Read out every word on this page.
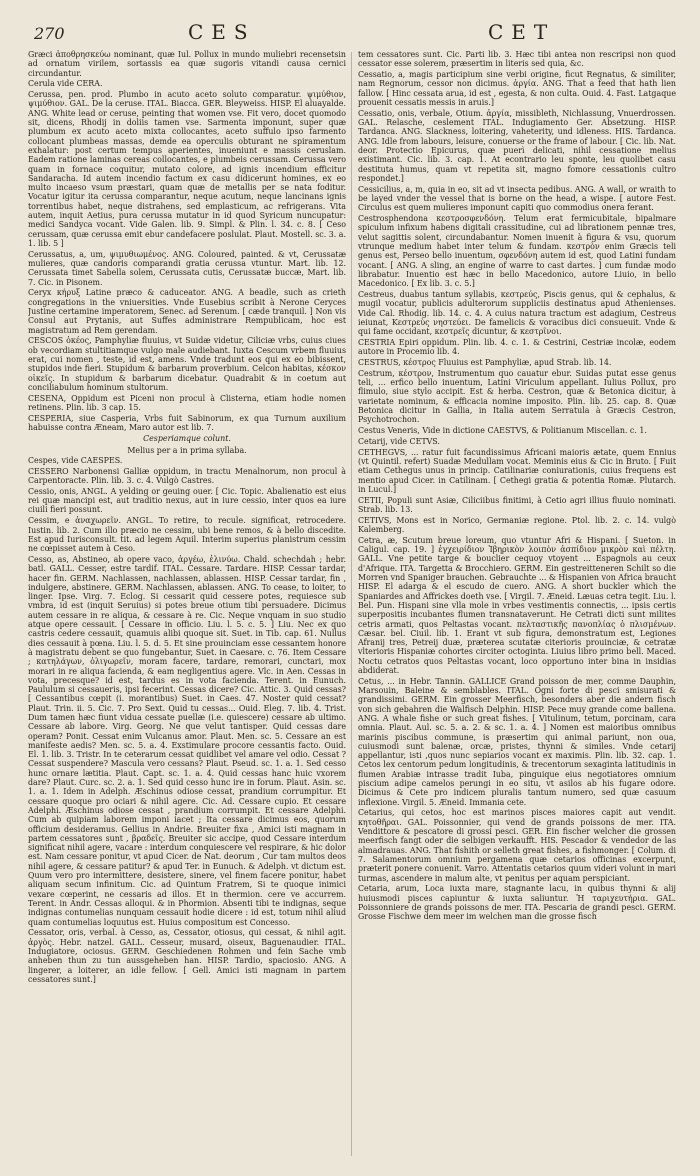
270	CES	CET

Græci ἀποθρησκεύω nominant, quæ Iul. Pollux in mundo muliebri recensetsin ad ornatum virilem, sortassis ea quæ sugoris vitandi causa cernici circundantur.

Cerula vide CERA.

Cerussa, pen. prod. Plumbo in acuto aceto soluto comparatur. ψιμύθιον, ψιμύθιον. GAL. De la ceruse. ITAL. Biacca. GER. Bleyweiss. HISP. El aluayalde. ANG. White lead or ceruse, peinting that women vse. Fit vero, docet quomodo sit, dicens, Rhodij in doliis tamen vse. Sarmenta imponunt, super quæ plumbum ex acuto aceto mixta collocantes, aceto suffulo ipso farmento collocant plumbeas massas, demde ea operculis obturant ne spiramentum exhalatur: post certum tempus aperientes, inueniunt e massis ceruslam. Eadem ratione laminas cereas collocantes, e plumbeis cerussam. Cerussa vero quam in fornace coquitur, mutato colore, ad ignis incendium efficitur Sandaracha. Id autem incendio factum ex casu didicerunt homines, ex eo multo incaeso vsum præstari, quam quæ de metallis per se nata foditur. Vocatur igitur ita cerussa comparantur, neque acutum, neque lancinans ignis torrentibus habet, neque distrahens, sed emplasticum, ac refrigerans. Vita autem, inquit Aetius, pura cerussa mutatur in id quod Syricum nuncupatur: medici Sandyca vocant. Vide Galen. lib. 9. Simpl. & Plin. l. 34. c. 8. [ Ceso cerussam, quæ cerussa emit ebur candefacere poslulat. Plaut. Mostell. sc. 3. a. 1. lib. 5 ]

Cerussatus, a, um, ψιμυθιωμένος. ANG. Coloured, painted. & vt, Cerussatæ mulieres, quæ candoris comparandi gratia cerussa vtuntur. Mart. lib. 12. Cerussata timet Sabella solem, Cerussata cutis, Cerussatæ buccæ, Mart. lib. 7. Cic. in Pisonem.

Ceryx κήρυξ Latine præco & caduceator. ANG. A beadle, such as crieth congregations in the vniuersities. Vnde Eusebius scribit à Nerone Ceryces Justine certamine imperatorem, Senec. ad Serenum. [ cæde tranquil. ] Non vis Consul aut Prytanis, aut Suffes administrare Rempublicam, hoc est magistratum ad Rem gerendam.

CESCOS ὀκέος, Pamphyliæ fluuius, vt Suidæ videtur, Ciliciæ vrbs, cuius ciues ob vecordiam stultitiamque vulgo male audiebant. Iuxta Cescum vrbem fluuius erat, cui nomen , teste, id est, amens. Vnde tradunt eos qui ex eo bibissent, stupidos inde fieri. Stupidum & barbarum proverbium. Celcon habitas, κέσκον οἰκεῖς. In stupidum & barbarum dicebatur. Quadrabit & in coetum aut conciliabulum hominum stultorum.

CESENA, Oppidum est Piceni non procul à Clisterna, etiam hodie nomen retinens. Plin. lib. 3 cap. 15.

CESPERIA, siue Casperia, Vrbs fuit Sabinorum, ex qua Turnum auxilium habuisse contra Æneam, Maro autor est lib. 7.

Cesperiamque colunt.

Melius per a in prima syllaba.

Cespes, vide CAESPES.

CESSERO Narbonensi Galliæ oppidum, in tractu Menalnorum, non procul à Carpentoracte. Plin. lib. 3. c. 4. Vulgò Castres.

Cessio, onis, ANGL. A yelding or geuing ouer. [ Cic. Topic. Abalienatio est eius rei quæ mancipi est, aut traditio nexus, aut in iure cessio, inter quos ea iure ciuili fieri possunt.

Cessim, e ἀναχωρεῖν. ANGL. To retire, to recule. significat, retrocedere. Iustin. lib. 2. Cum illo præcio ne cessim, ubi bene remos, & à bello discedite. Est apud Iurisconsult. tit. ad legem Aquil. Interim superius planistrum cessim ne cœpisset autem à Ceso.

Cesso, as, Abstineo, ab opere vaco, ἀργέω, ἐλινύω. Chald. schechdah ; hebr. batl. GALL. Cesser, estre tardif. ITAL. Cessare. Tardare. HISP. Cessar tardar, hacer fin. GERM. Nachlassen, nachlassen, ablassen. HISP. Cessar tardar, fin , indulgere, abstinere. GERM. Nachlassen, ablassen. ANG. To cease, to loiter, to linger. Ipse. Virg. 7. Eclog. Si cessarit quid cessere potes, requiesce sub vmbra, id est (inquit Seruius) si potes breue otium tibi persuadere. Dicimus autem cessare in re aliqua, & cessare à re. Cic. Neque vnquam in suo studio atque opere cessauit. [ Cessare in officio. Liu. l. 5. c. 5. ] Liu. Nec ex quo castris cedere cessauit, quamuis alibi quoque sit. Suet. in Tib. cap. 61. Nullus dies cessauit à pœna. Liu. l. 5. d. 5. Et sine prouinciam esse cessantem honore à magistratu debent se quo fungebantur, Suet. in Caesare. c. 76. Item Cessare ; κατηλάγων, ὀλιγωρεῖν, moram facere, tardare, remorari, cunctari, mox morari in re aliqua facienda, & eam negligentius agere. Vlc. in Aen. Cessas in vota, precesque? id est, tardus es in vota facienda. Terent. in Eunuch. Paululum si cessaueris, ipsi fecerint. Cessas dicere? Cic. Attic. 3. Quid cessas? [ Cessantibus cœpit (i. morantibus) Suet. in Caes. 47. Noster quid cessat? Plaut. Trin. ii. 5. Cic. 7. Pro Sext. Quid tu cessas... Ouid. Eleg. 7. lib. 4. Trist. Dum tamen hæc fiunt vidua cessate puellæ (i.e. quiescere) cessare ab ultimo. Cessare ab labore. Virg. Georg. Ne que velut tantisper. Quid cessas dare operam? Ponit. Cessat enim Vulcanus amor. Plaut. Men. sc. 5. Cessare an est manifeste aedis? Men. sc. 5. a. 4. Exstimulare procore cessantis facto. Ouid. El. 1. lib. 3. Tristr. In te ceterarum cessat quidlibet vel amare vel odio. Cessat ? Cessat suspendere? Mascula vero cessans? Plaut. Pseud. sc. 1. a. 1. Sed cesso hunc ornare lætitia. Plaut. Capt. sc. 1. a. 4. Quid cessas hanc huic vxorem dare? Plaut. Curc. sc. 2. a. 1. Sed quid cesso hunc ire in forum. Plaut. Asin. sc. 1. a. 1. Idem in Adelph. Æschinus odiose cessat, prandium corrumpitur. Et cessare quoque pro ociari & nihil agere. Cic. Ad. Cessare cupio. Et cessare Adelphi. Æschinus odiose cessat , prandium corrumpit. Et cessare Adelphi. Cum ab quipiam laborem imponi iacet ; Ita cessare dicimus eos, quorum officium desideramus. Gellius in Andrie. Breuiter fixa , Amici isti magnam in partem cessatores sunt , βραδεῖς. Breuiter sic accipe, quod Cessare interdum significat nihil agere, vacare : interdum conquiescere vel respirare, & hic dolor est. Nam cessare ponitur, vt apud Cicer. de Nat. deorum , Cur tam multos deos nihil agere, & cessare patitur? & apud Ter. in Eunuch. & Adelph. vt dictum est. Quum vero pro intermittere, desistere, sinere, vel finem facere ponitur, habet aliquam secum infinitum. Cic. ad Quintum Fratrem, Si te quoque inimici vexare cœperint, ne cessaris ad illos. Et in thermion. cere ve accurrem. Terent. in Andr. Cessas alloqui. & in Phormion. Absenti tibi te indignas, seque indignas contumelias nunquam cessauit hodie dicere : id est, totum nihil aliud quam contumelias loquutus est. Huius compositum est Concesso.

Cessator, oris, verbal. à Cesso, as, Cessator, otiosus, qui cessat, & nihil agit. ἀργὸς. Hebr. natzel. GALL. Cesseur, musard, oiseux, Baguenaudier. ITAL. Indugiatore, ociosus. GERM. Geschiedenen Rohmen und fein Sache vmb anheben thun zu tun aussgeheben han. HISP. Tardio, spaciosio. ANG. A lingerer, a loiterer, an idle fellow. [ Gell. Amici isti magnam in partem cessatores sunt.]

tem cessatores sunt. Cic. Parti lib. 3. Hæc tibi antea non rescripsi non quod cessator esse solerem, præsertim in literis sed quia, &c.

Cessatio, a, magis participium sine verbi origine, ficut Regnatus, & similiter, nam Regnorum, cessor non dicimus. ἀργία. ANG. That a feed that hath lien fallow. [ Hinc cessata arua, id est , egesta, & non culta. Ouid. 4. Fast. Latgaque prouenit cessatis messis in aruis.]

Cessatio, onis, verbale, Otium. ἀργία, missibleth, Nichlassung, Vnuerdrossen. GAL. Relasche, ceslement ITAL. Indugiamento Ger. Absetzung. HISP. Tardanca. ANG. Slackness, loitering, vaheterity, und idleness. HIS. Tardanca. ANG. Idle from labours, leisure, conuerse or the frame of labour. [ Cic. lib. Nat. deor. Protectio Epicurus, quæ puerì delicati, nihil cessatione melius existimant. Cic. lib. 3. cap. 1. At econtrario leu sponte, leu quolibet casu destituta humus, quam vt repetita sit, magno fomore cessationis cultro respondet.]

Cessicilius, a, m, quia in eo, sit ad vt insecta pedibus. ANG. A wall, or wraith to be layed vnder the vessel that is borne on the head, a wispe. [ autore Fest. Circulus est quem mulieres imponunt capiti quo commodius onera ferant.

Cestrosphendona κεστροσφενδόνη. Telum erat fermicubitale, bipalmare spiculum infixum habens digitali crassitudine, cui ad librationem pennæ tres, velut sagittis solent, circundabantur. Nomen inuenit à figura & vsu, quorum vtrunque medium habet inter telum & fundam. κεστρὸν enim Græcis teli genus est, Perseo bello inuentum, σφενδόνη autem id est, quod Latini fundam vocant. [ ANG. A sling, an engine of warre to cast dartes. ] cum fundæ modo librabatur. Inuentio est hæc in bello Macedonico, autore Liuio, in bello Macedonico. [ Ex lib. 3. c. 5.]

Cestreus, duabus tantum syllabis, κεστρεύς, Piscis genus, qui & cephalus, & mugil vocatur, publicis adulterorum suppliciis destinatus apud Athenienses. Vide Cal. Rhodig. lib. 14. c. 4. A cuius natura tractum est adagium, Cestreus ieiunat, Κεστρεὺς νηστεύει. De famelicis & voracibus dici consueuit. Vnde & qui fame occidant, κεστρεῖς dicuntur, & κεστρῖνοι.

CESTRIA Epiri oppidum. Plin. lib. 4. c. 1. & Cestrini, Cestriæ incolæ, eodem autore in Procemio lib. 4.

CESTRUS, κέστρος Fluuius est Pamphyliæ, apud Strab. lib. 14.

Cestrum, κέστρον, Instrumentum quo cauatur ebur. Suidas putat esse genus teli, ... erfico bello inuentum, Latini Viriculum appellant. Iulius Pollux, pro flimulo, siue stylo accipit. Est & herba. Cestron, quæ & Betonica dicitur, à varietate nominum, & efficacia nomine imposito. Plin. lib. 25. cap. 8. Quæ Betonica dicitur in Gallia, in Italia autem Serratula à Græcis Cestron, Psychotrochon.

Cestus Veneris, Vide in dictione CAESTVS, & Politianum Miscellan. c. 1.

Cetarij, vide CETVS.

CETHEGVS, ... ratur fuit facundissimus Africani maioris ætate, quem Ennius (vt Quintil. refert) Suadæ Medullam vocat. Meminis eius & Cic in Bruto. [ Fuit etiam Cethegus unus in princip. Catilinariæ coniurationis, cuius frequens est mentio apud Cicer. in Catilinam. [ Cethegi gratia & potentia Romæ. Plutarch. in Lucul.]

CETII, Populi sunt Asiæ, Ciliciibus finitimi, à Cetio agri illius fluuio nominati. Strab. lib. 13.

CETIVS, Mons est in Norico, Germaniæ regione. Ptol. lib. 2. c. 14. vulgò Kalemberg.

Cetra, æ, Scutum breue loreum, quo vtuntur Afri & Hispani. [ Sueton. in Caligul. cap. 19. ] ἐγχειρίδιον Ἰβηρικὸν λοιπὸν ἀσπίδιον μικρὸν καὶ πέλτη. GALL. Vne petite targe & bouclier cequoy vtoyent ... Espagnols au ceux d'Afrique. ITA. Targetta & Brocchiero. GERM. Ein gestreitteneren Schilt so die Morren vnd Spaniger brauchen. Gebrauchte ... & Hispanien von Africa braucht HISP. El adarga & el escudo de cuero. ANG. A short buckler which the Spaniardes and Affrickes doeth vse. [ Virgil. 7. Æneid. Læuas cetra tegit. Liu. l. Bel. Pun. Hispani sine vlla mole in vrbes vestimentis connectis, ... ipsis certis superpositis incubantes flumen transnataverunt. He Cetrati dicti sunt milites cetris armati, quos Peltastas vocant. πελταστικῆς πανοπλίας ὁ πλισμένων. Cæsar. bel. Ciuil. lib. 1. Erant vt sub figura, demonstratum est, Legiones Afranij tres, Petreij duæ, præterea scutatæ citerioris prouinciæ, & cetratæ vlterioris Hispaniæ cohortes circiter octoginta. Liuius libro primo bell. Maced. Noctu cetratos quos Peltastas vocant, loco opportuno inter bina in insidias abdiderat.

Cetus, ... in Hebr. Tannin. GALLICE Grand poisson de mer, comme Dauphin, Marsouin, Baleine & semblables. ITAL. Ogni forte di pesci smisurati & grandissimi. GERM. Ein grosser Meerfisch, besonders aber die andern fisch von sich gebahren die Walfisch Delphin. HISP. Pece muy grande come ballena. ANG. A whale fishe or such great fishes. [ Vitulinum, tetum, porcinam, cara omnia. Plaut. Aul. sc. 5. a. 2. & sc. 1. a. 4. ] Nomen est maioribus omnibus marinis piscibus commune, is præsertim qui animal pariunt, non oua, cuiusmodi sunt balenæ, orcæ, pristes, thynni & similes. Vnde cetarij appellantur, isti ,quos nunc sepiarios vocant ex maximis. Plin. lib. 32. cap. 1. Cetos lex centorum pedum longitudinis, & trecentorum sexaginta latitudinis in flumen Arabiæ intrasse tradit Iuba, pinguique eius negotiatores omnium piscium adipe camelos perungi in eo situ, vt asilos ab his fugare odore. Dicimus & Cete pro indicem pluralis tantum numero, sed quæ casuum inflexione. Virgil. 5. Æneid. Immania cete.

Cetarius, qui cetos, hoc est marinos pisces maiores capit aut vendit. κητοθῆραι. GAL. Poissonnier, qui vend de grands poissons de mer. ITA. Vendittore & pescatore di grossi pesci. GER. Ein fischer welcher die grossen meerfisch fangt oder die selbigen verkaufft. HIS. Pescador & vendedor de las almadrauas. ANG. That fishith or selleth great fishes, a fishmonger. [ Colum. di 7. Salamentorum omnium pergamena quæ cetarios officinas excerpunt, præterit ponere conuenit. Varro. Attentatis cetarios quum videri volunt in mari turmas, ascendere in malum alte, vt penitus per aquam perspiciant.

Cetaria, arum, Loca iuxta mare, stagnante lacu, in quibus thynni & alij huiusmodi pisces capiuntur & iuxta saliuntur. Ἡ ταριχευτήρια. GAL. Poissonniere de grands poissons de mer. ITA. Pescaria de grandi pesci. GERM. Grosse Fischwe dem meer im welchen man die grosse fisch
